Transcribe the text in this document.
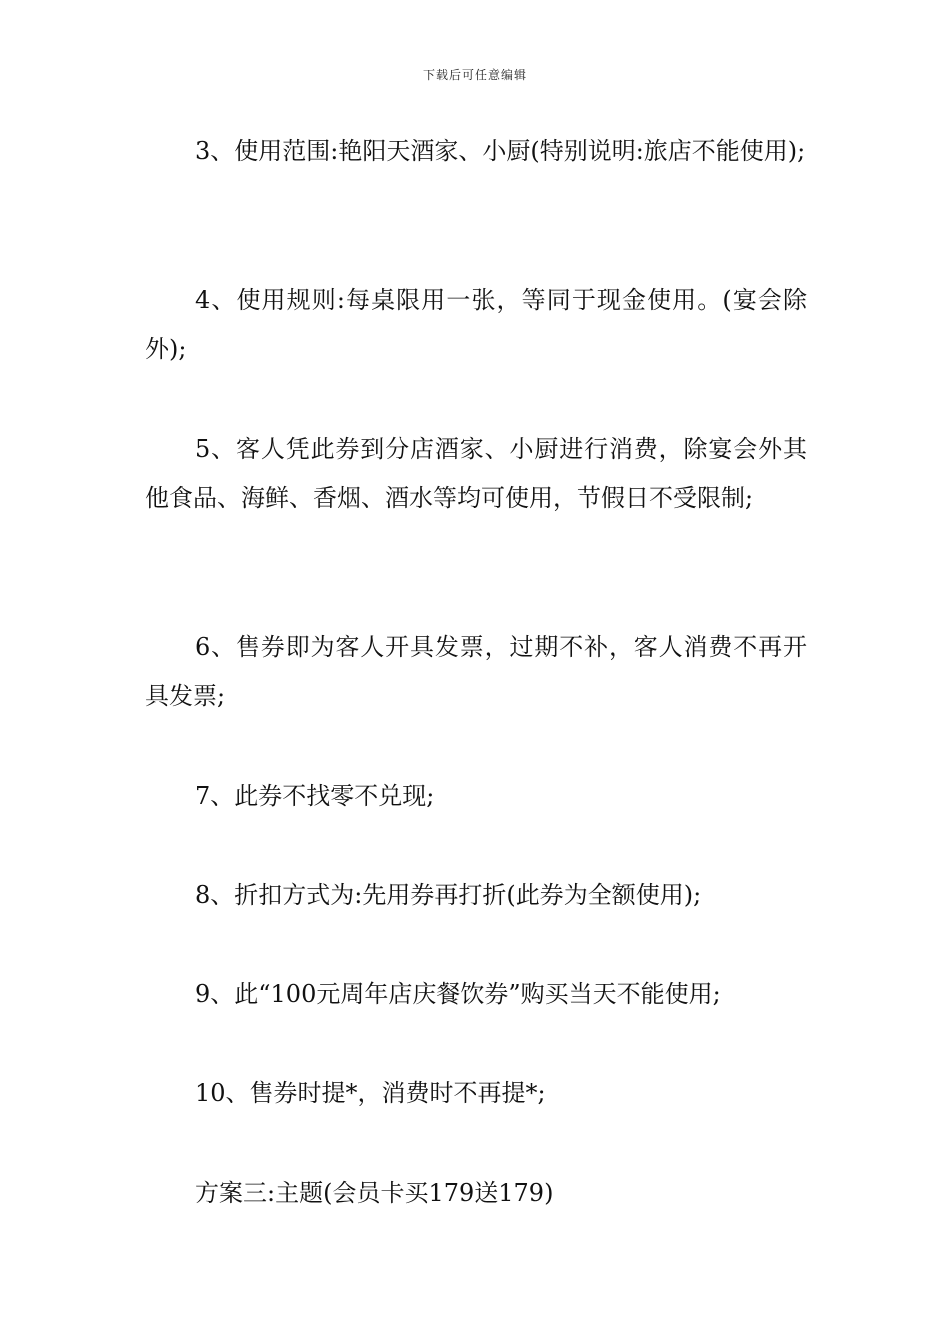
下载后可任意编辑

3、使用范围:艳阳天酒家、小厨(特别说明:旅店不能使用);

4、使用规则:每桌限用一张，等同于现金使用。(宴会除外);

5、客人凭此券到分店酒家、小厨进行消费，除宴会外其他食品、海鲜、香烟、酒水等均可使用，节假日不受限制;

6、售券即为客人开具发票，过期不补，客人消费不再开具发票;

7、此券不找零不兑现;

8、折扣方式为:先用券再打折(此券为全额使用);

9、此“100元周年店庆餐饮券”购买当天不能使用;

10、售券时提*，消费时不再提*;

方案三:主题(会员卡买179送179)
